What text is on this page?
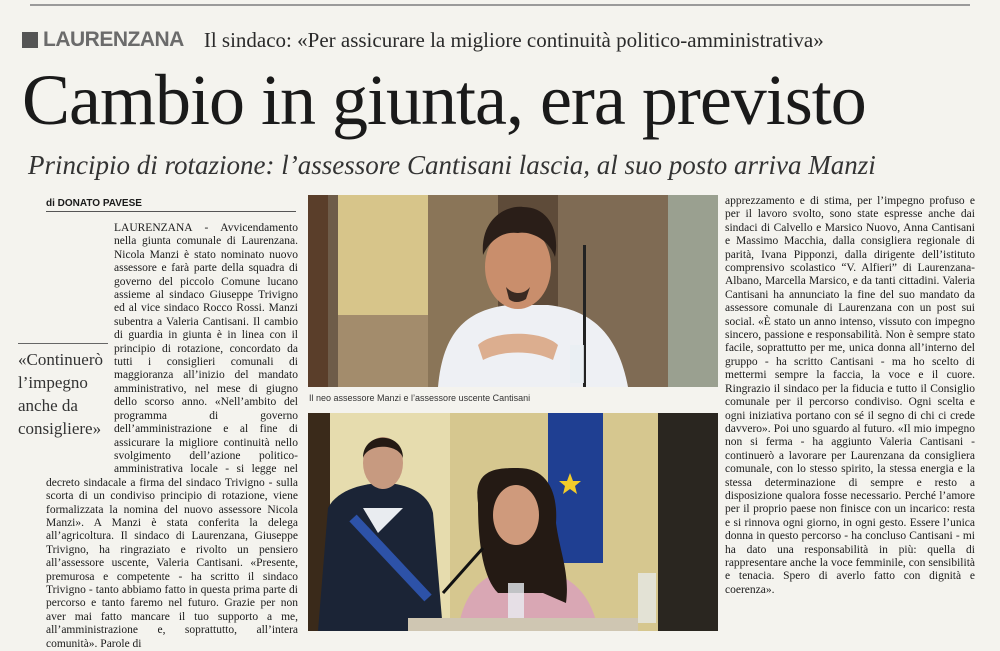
LAURENZANA Il sindaco: «Per assicurare la migliore continuità politico-amministrativa»
Cambio in giunta, era previsto
Principio di rotazione: l’assessore Cantisani lascia, al suo posto arriva Manzi
di DONATO PAVESE
LAURENZANA - Avvicendamento nella giunta comunale di Laurenzana. Nicola Manzi è stato nominato nuovo assessore e farà parte della squadra di governo del piccolo Comune lucano assieme al sindaco Giuseppe Trivigno ed al vice sindaco Rocco Rossi. Manzi subentra a Valeria Cantisani. Il cambio di guardia in giunta è in linea con il principio di rotazione, concordato da tutti i consiglieri comunali di maggioranza all’inizio del mandato amministrativo, nel mese di giugno dello scorso anno. «Nell’ambito del programma di governo dell’amministrazione e al fine di assicurare la migliore continuità nello svolgimento dell’azione politico-amministrativa locale - si legge nel decreto sindacale a firma del sindaco Trivigno - sulla scorta di un condiviso principio di rotazione, viene formalizzata la nomina del nuovo assessore Nicola Manzi». A Manzi è stata conferita la delega all’agricoltura. Il sindaco di Laurenzana, Giuseppe Trivigno, ha ringraziato e rivolto un pensiero all’assessore uscente, Valeria Cantisani. «Presente, premurosa e competente - ha scritto il sindaco Trivigno - tanto abbiamo fatto in questa prima parte di percorso e tanto faremo nel futuro. Grazie per non aver mai fatto mancare il tuo supporto a me, all’amministrazione e, soprattutto, all’intera comunità». Parole di
«Continuerò l’impegno anche da consigliere»
Il neo assessore Manzi e l’assessore uscente Cantisani
apprezzamento e di stima, per l’impegno profuso e per il lavoro svolto, sono state espresse anche dai sindaci di Calvello e Marsico Nuovo, Anna Cantisani e Massimo Macchia, dalla consigliera regionale di parità, Ivana Pipponzi, dalla dirigente dell’istituto comprensivo scolastico “V. Alfieri” di Laurenzana-Albano, Marcella Marsico, e da tanti cittadini. Valeria Cantisani ha annunciato la fine del suo mandato da assessore comunale di Laurenzana con un post sui social. «È stato un anno intenso, vissuto con impegno sincero, passione e responsabilità. Non è sempre stato facile, soprattutto per me, unica donna all’interno del gruppo - ha scritto Cantisani - ma ho scelto di mettermi sempre la faccia, la voce e il cuore. Ringrazio il sindaco per la fiducia e tutto il Consiglio comunale per il percorso condiviso. Ogni scelta e ogni iniziativa portano con sé il segno di chi ci crede davvero». Poi uno sguardo al futuro. «Il mio impegno non si ferma - ha aggiunto Valeria Cantisani - continuerò a lavorare per Laurenzana da consigliera comunale, con lo stesso spirito, la stessa energia e la stessa determinazione di sempre e resto a disposizione qualora fosse necessario. Perché l’amore per il proprio paese non finisce con un incarico: resta e si rinnova ogni giorno, in ogni gesto. Essere l’unica donna in questo percorso - ha concluso Cantisani - mi ha dato una responsabilità in più: quella di rappresentare anche la voce femminile, con sensibilità e tenacia. Spero di averlo fatto con dignità e coerenza».
